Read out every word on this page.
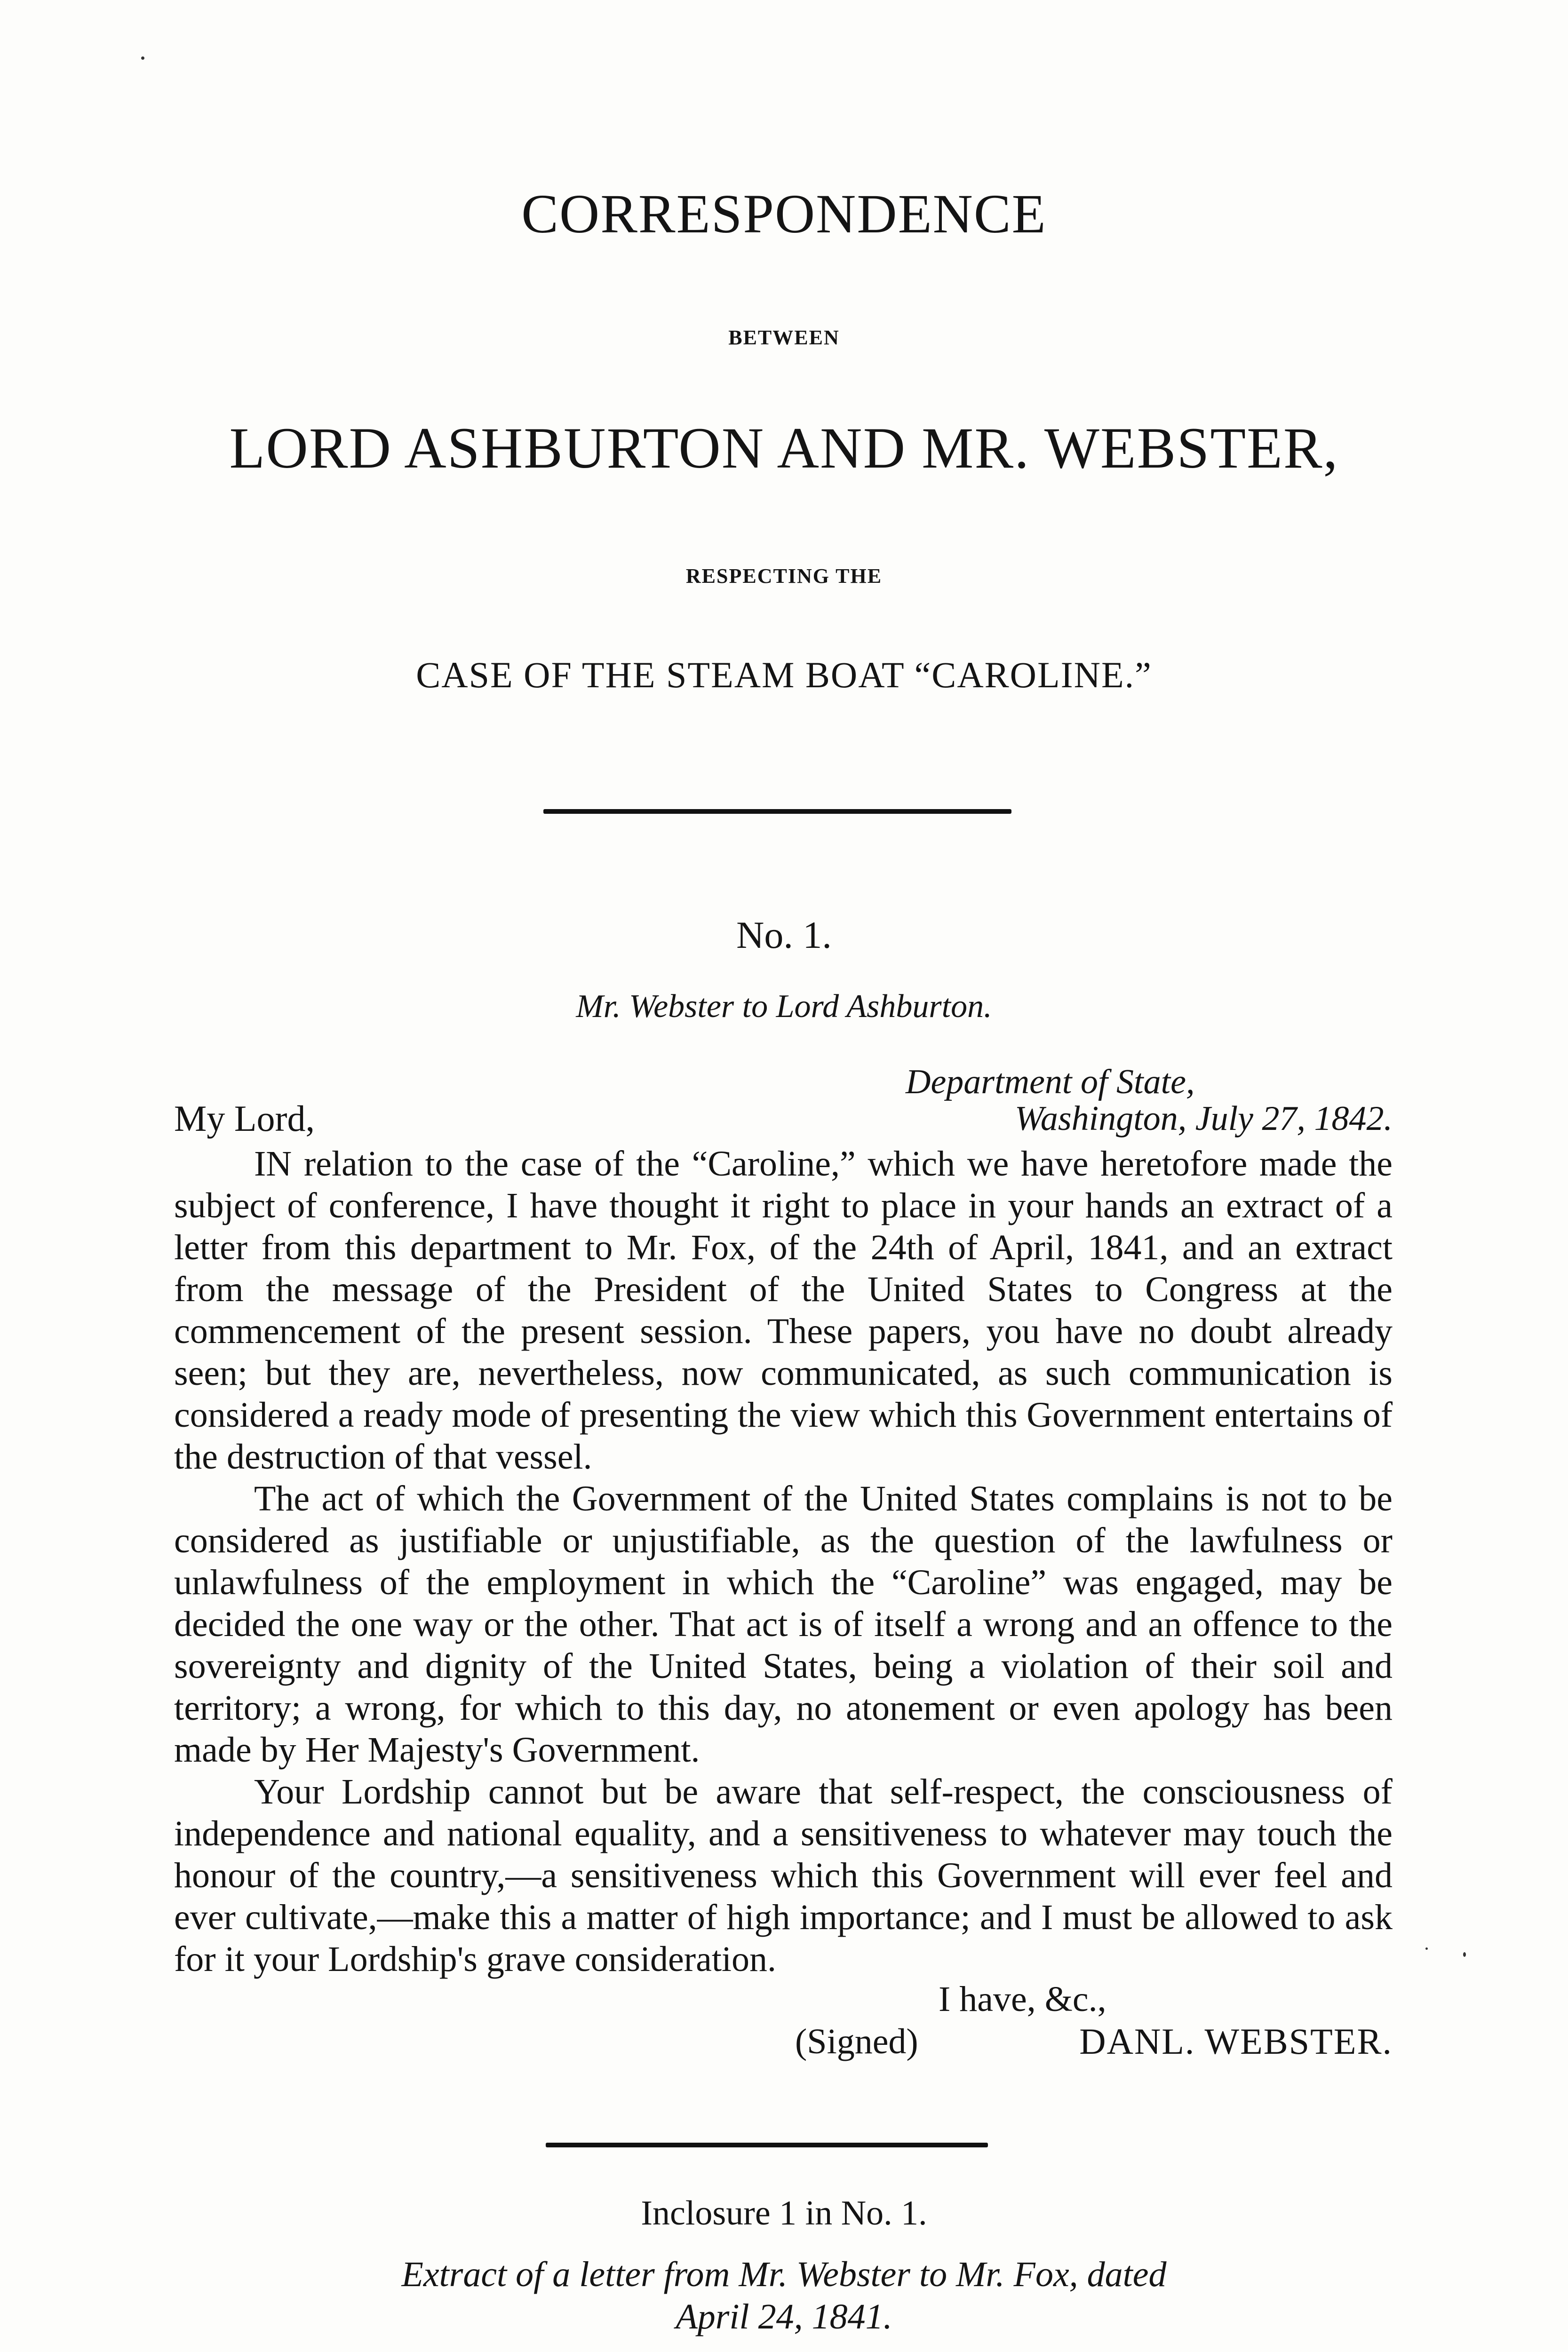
CORRESPONDENCE
BETWEEN
LORD ASHBURTON AND MR. WEBSTER,
RESPECTING THE
CASE OF THE STEAM BOAT “CAROLINE.”
No. 1.
Mr. Webster to Lord Ashburton.
Department of State,
My Lord,	Washington, July 27, 1842.

IN relation to the case of the “Caroline,” which we have heretofore made the subject of conference, I have thought it right to place in your hands an extract of a letter from this department to Mr. Fox, of the 24th of April, 1841, and an extract from the message of the President of the United States to Congress at the commencement of the present session. These papers, you have no doubt already seen; but they are, nevertheless, now communicated, as such communication is considered a ready mode of presenting the view which this Government entertains of the destruction of that vessel.

The act of which the Government of the United States complains is not to be considered as justifiable or unjustifiable, as the question of the lawfulness or unlawfulness of the employment in which the “Caroline” was engaged, may be decided the one way or the other. That act is of itself a wrong and an offence to the sovereignty and dignity of the United States, being a violation of their soil and territory; a wrong, for which to this day, no atonement or even apology has been made by Her Majesty's Government.

Your Lordship cannot but be aware that self-respect, the consciousness of independence and national equality, and a sensitiveness to whatever may touch the honour of the country,—a sensitiveness which this Government will ever feel and ever cultivate,—make this a matter of high importance; and I must be allowed to ask for it your Lordship's grave consideration.

I have, &c.,
(Signed)	DANL. WEBSTER.
Inclosure 1 in No. 1.
Extract of a letter from Mr. Webster to Mr. Fox, dated
April 24, 1841.
